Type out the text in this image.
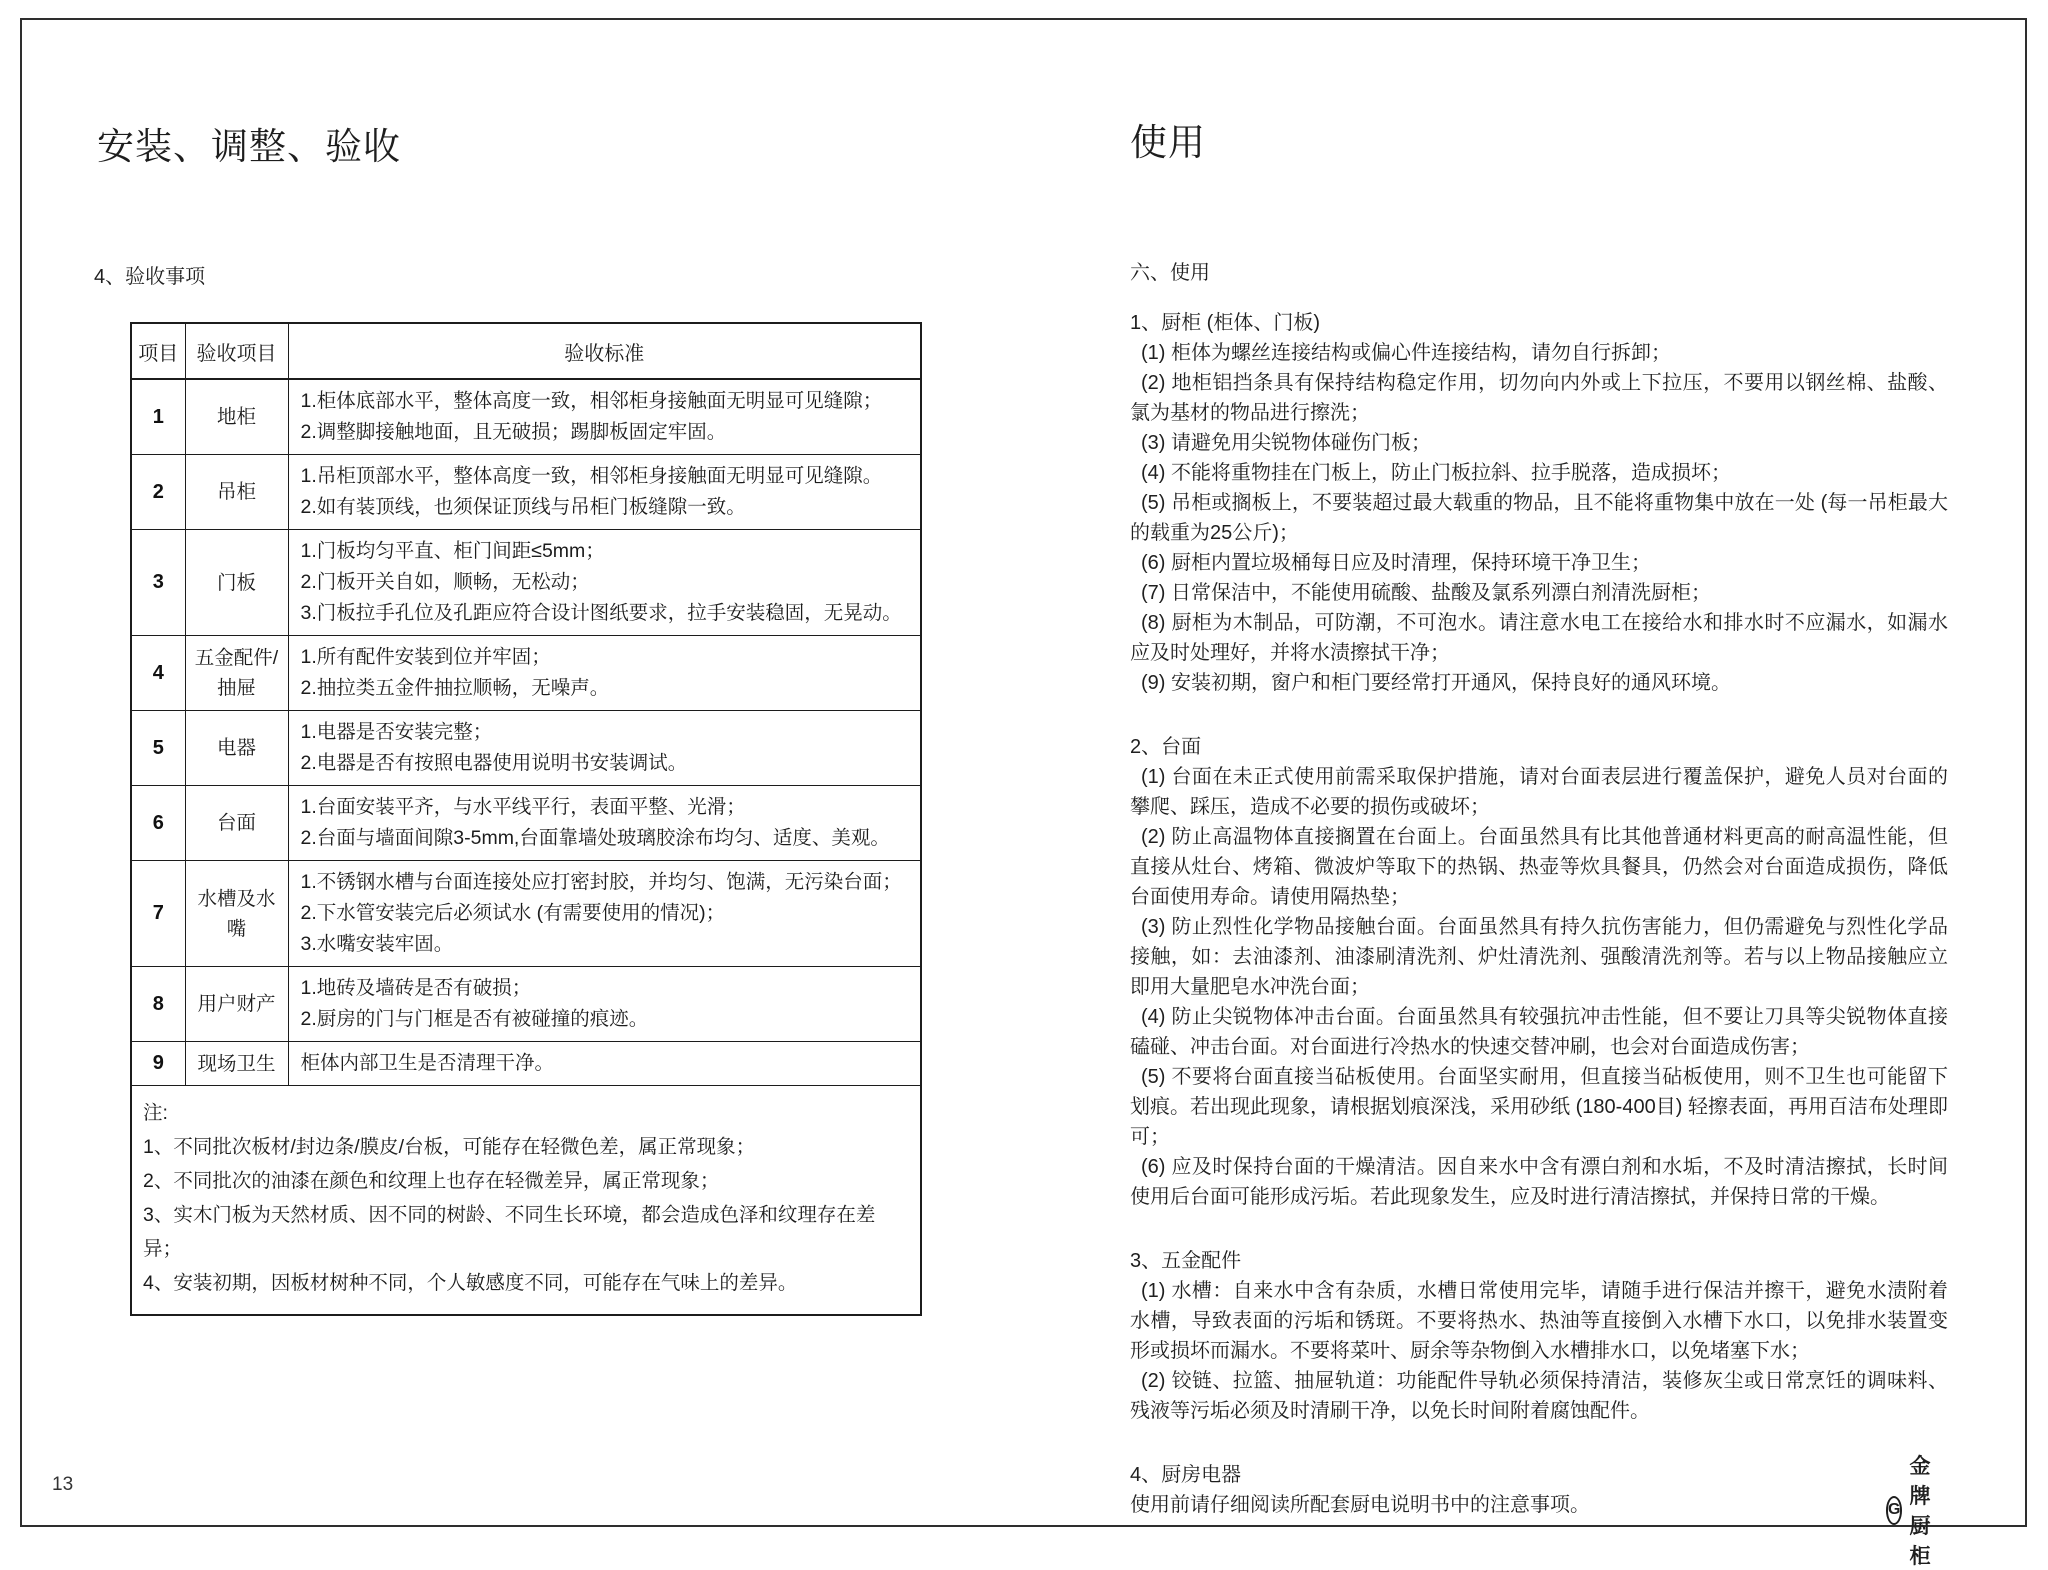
安装、调整、验收
4、验收事项
项目	验收项目	验收标准
1	地柜	1.柜体底部水平，整体高度一致，相邻柜身接触面无明显可见缝隙；
2.调整脚接触地面，且无破损；踢脚板固定牢固。

2	吊柜	1.吊柜顶部水平，整体高度一致，相邻柜身接触面无明显可见缝隙。
2.如有装顶线，也须保证顶线与吊柜门板缝隙一致。

3	门板	1.门板均匀平直、柜门间距≤5mm；
2.门板开关自如，顺畅，无松动；
3.门板拉手孔位及孔距应符合设计图纸要求，拉手安装稳固，无晃动。

4	五金配件/抽屉	1.所有配件安装到位并牢固；
2.抽拉类五金件抽拉顺畅，无噪声。

5	电器	1.电器是否安装完整；
2.电器是否有按照电器使用说明书安装调试。

6	台面	1.台面安装平齐，与水平线平行，表面平整、光滑；
2.台面与墙面间隙3-5mm,台面靠墙处玻璃胶涂布均匀、适度、美观。

7	水槽及水嘴	1.不锈钢水槽与台面连接处应打密封胶，并均匀、饱满，无污染台面；
2.下水管安装完后必须试水 (有需要使用的情况)；
3.水嘴安装牢固。

8	用户财产	1.地砖及墙砖是否有破损；
2.厨房的门与门框是否有被碰撞的痕迹。

9	现场卫生	柜体内部卫生是否清理干净。

注:
1、不同批次板材/封边条/膜皮/台板，可能存在轻微色差，属正常现象；
2、不同批次的油漆在颜色和纹理上也存在轻微差异，属正常现象；
3、实木门板为天然材质、因不同的树龄、不同生长环境，都会造成色泽和纹理存在差异；
4、安装初期，因板材树种不同，个人敏感度不同，可能存在气味上的差异。		
13
使用
六、使用

1、厨柜 (柜体、门板)

(1) 柜体为螺丝连接结构或偏心件连接结构，请勿自行拆卸；

(2) 地柜铝挡条具有保持结构稳定作用，切勿向内外或上下拉压，不要用以钢丝棉、盐酸、氯为基材的物品进行擦洗；

(3) 请避免用尖锐物体碰伤门板；

(4) 不能将重物挂在门板上，防止门板拉斜、拉手脱落，造成损坏；

(5) 吊柜或搁板上，不要装超过最大载重的物品，且不能将重物集中放在一处 (每一吊柜最大的载重为25公斤)；

(6) 厨柜内置垃圾桶每日应及时清理，保持环境干净卫生；

(7) 日常保洁中，不能使用硫酸、盐酸及氯系列漂白剂清洗厨柜；

(8) 厨柜为木制品，可防潮，不可泡水。请注意水电工在接给水和排水时不应漏水，如漏水应及时处理好，并将水渍擦拭干净；

(9) 安装初期，窗户和柜门要经常打开通风，保持良好的通风环境。

2、台面

(1) 台面在未正式使用前需采取保护措施，请对台面表层进行覆盖保护，避免人员对台面的攀爬、踩压，造成不必要的损伤或破坏；

(2) 防止高温物体直接搁置在台面上。台面虽然具有比其他普通材料更高的耐高温性能，但直接从灶台、烤箱、微波炉等取下的热锅、热壶等炊具餐具，仍然会对台面造成损伤，降低台面使用寿命。请使用隔热垫；

(3) 防止烈性化学物品接触台面。台面虽然具有持久抗伤害能力，但仍需避免与烈性化学品接触，如：去油漆剂、油漆刷清洗剂、炉灶清洗剂、强酸清洗剂等。若与以上物品接触应立即用大量肥皂水冲洗台面；

(4) 防止尖锐物体冲击台面。台面虽然具有较强抗冲击性能，但不要让刀具等尖锐物体直接磕碰、冲击台面。对台面进行冷热水的快速交替冲刷，也会对台面造成伤害；

(5) 不要将台面直接当砧板使用。台面坚实耐用，但直接当砧板使用，则不卫生也可能留下划痕。若出现此现象，请根据划痕深浅，采用砂纸 (180-400目) 轻擦表面，再用百洁布处理即可；

(6) 应及时保持台面的干燥清洁。因自来水中含有漂白剂和水垢，不及时清洁擦拭，长时间使用后台面可能形成污垢。若此现象发生，应及时进行清洁擦拭，并保持日常的干燥。

3、五金配件

(1) 水槽：自来水中含有杂质，水槽日常使用完毕，请随手进行保洁并擦干，避免水渍附着水槽，导致表面的污垢和锈斑。不要将热水、热油等直接倒入水槽下水口，以免排水装置变形或损坏而漏水。不要将菜叶、厨余等杂物倒入水槽排水口，以免堵塞下水；

(2) 铰链、拉篮、抽屉轨道：功能配件导轨必须保持清洁，装修灰尘或日常烹饪的调味料、残液等污垢必须及时清刷干净，以免长时间附着腐蚀配件。

4、厨房电器

使用前请仔细阅读所配套厨电说明书中的注意事项。	G
金牌厨柜
